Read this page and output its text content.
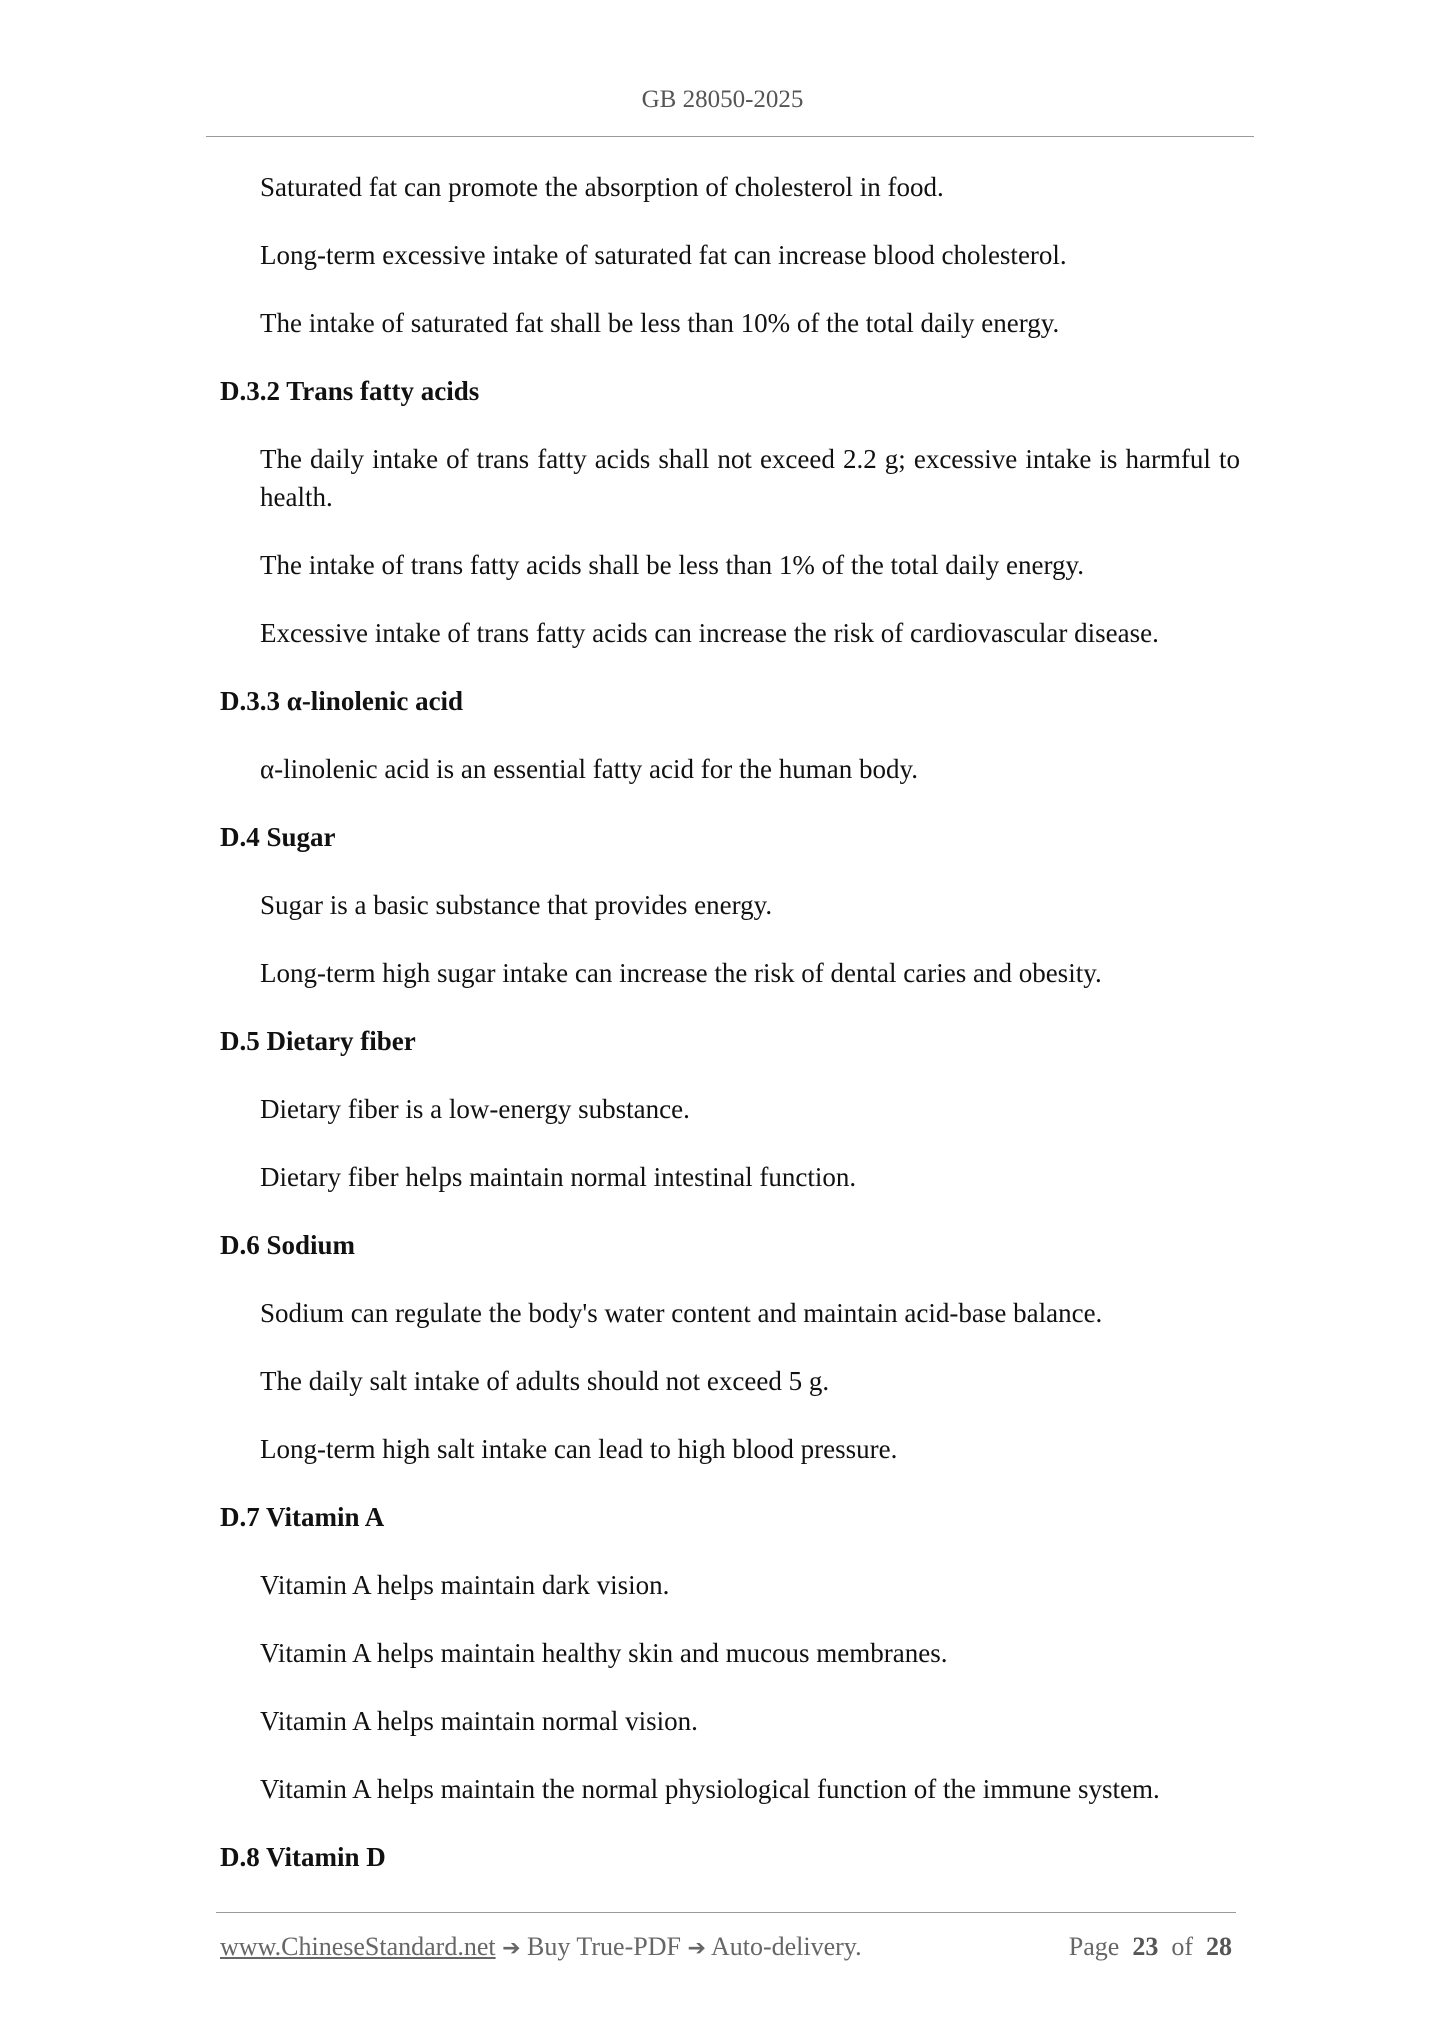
GB 28050-2025

Saturated fat can promote the absorption of cholesterol in food.

Long-term excessive intake of saturated fat can increase blood cholesterol.

The intake of saturated fat shall be less than 10% of the total daily energy.

D.3.2 Trans fatty acids

The daily intake of trans fatty acids shall not exceed 2.2 g; excessive intake is harmful to health.

The intake of trans fatty acids shall be less than 1% of the total daily energy.

Excessive intake of trans fatty acids can increase the risk of cardiovascular disease.

D.3.3 α-linolenic acid

α-linolenic acid is an essential fatty acid for the human body.

D.4 Sugar

Sugar is a basic substance that provides energy.

Long-term high sugar intake can increase the risk of dental caries and obesity.

D.5 Dietary fiber

Dietary fiber is a low-energy substance.

Dietary fiber helps maintain normal intestinal function.

D.6 Sodium

Sodium can regulate the body's water content and maintain acid-base balance.

The daily salt intake of adults should not exceed 5 g.

Long-term high salt intake can lead to high blood pressure.

D.7 Vitamin A

Vitamin A helps maintain dark vision.

Vitamin A helps maintain healthy skin and mucous membranes.

Vitamin A helps maintain normal vision.

Vitamin A helps maintain the normal physiological function of the immune system.

D.8 Vitamin D
www.ChineseStandard.net ➔ Buy True-PDF ➔ Auto-delivery.	Page 23 of 28
